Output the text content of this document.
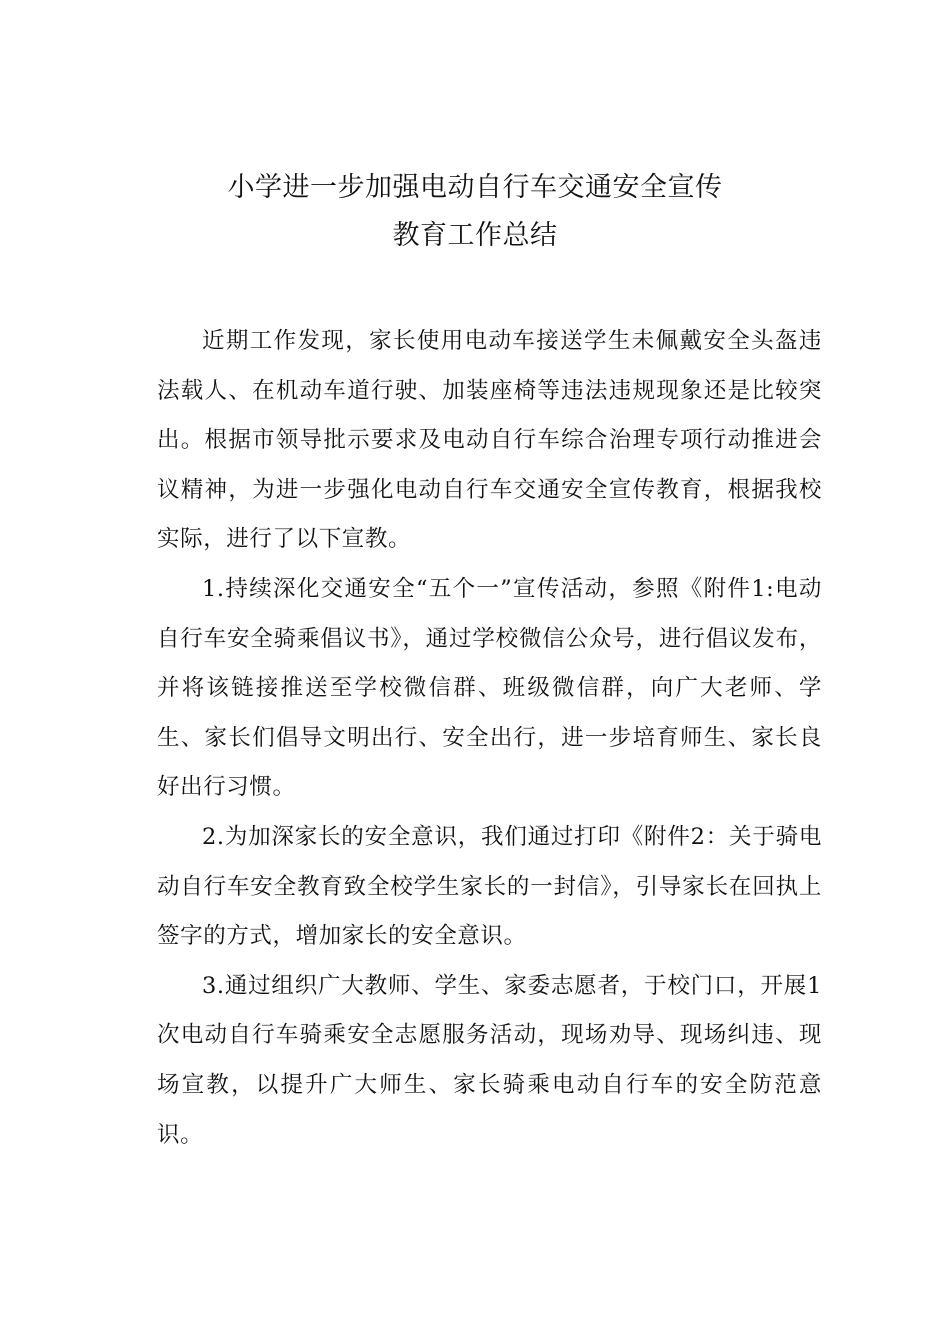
小学进一步加强电动自行车交通安全宣传
教育工作总结

近期工作发现，家长使用电动车接送学生未佩戴安全头盔违法载人、在机动车道行驶、加装座椅等违法违规现象还是比较突出。根据市领导批示要求及电动自行车综合治理专项行动推进会议精神，为进一步强化电动自行车交通安全宣传教育，根据我校实际，进行了以下宣教。

1.持续深化交通安全“五个一”宣传活动，参照《附件1:电动自行车安全骑乘倡议书》，通过学校微信公众号，进行倡议发布，并将该链接推送至学校微信群、班级微信群，向广大老师、学生、家长们倡导文明出行、安全出行，进一步培育师生、家长良好出行习惯。

2.为加深家长的安全意识，我们通过打印《附件2：关于骑电动自行车安全教育致全校学生家长的一封信》，引导家长在回执上签字的方式，增加家长的安全意识。

3.通过组织广大教师、学生、家委志愿者，于校门口，开展1次电动自行车骑乘安全志愿服务活动，现场劝导、现场纠违、现场宣教，以提升广大师生、家长骑乘电动自行车的安全防范意识。
